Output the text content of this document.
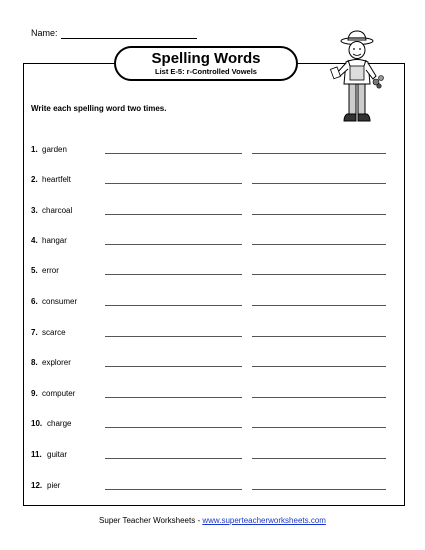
Name:
Spelling Words
List E-5: r-Controlled Vowels
Write each spelling word two times.
1. garden
2. heartfelt
3. charcoal
4. hangar
5. error
6. consumer
7. scarce
8. explorer
9. computer
10. charge
11. guitar
12. pier
Super Teacher Worksheets - www.superteacherworksheets.com
